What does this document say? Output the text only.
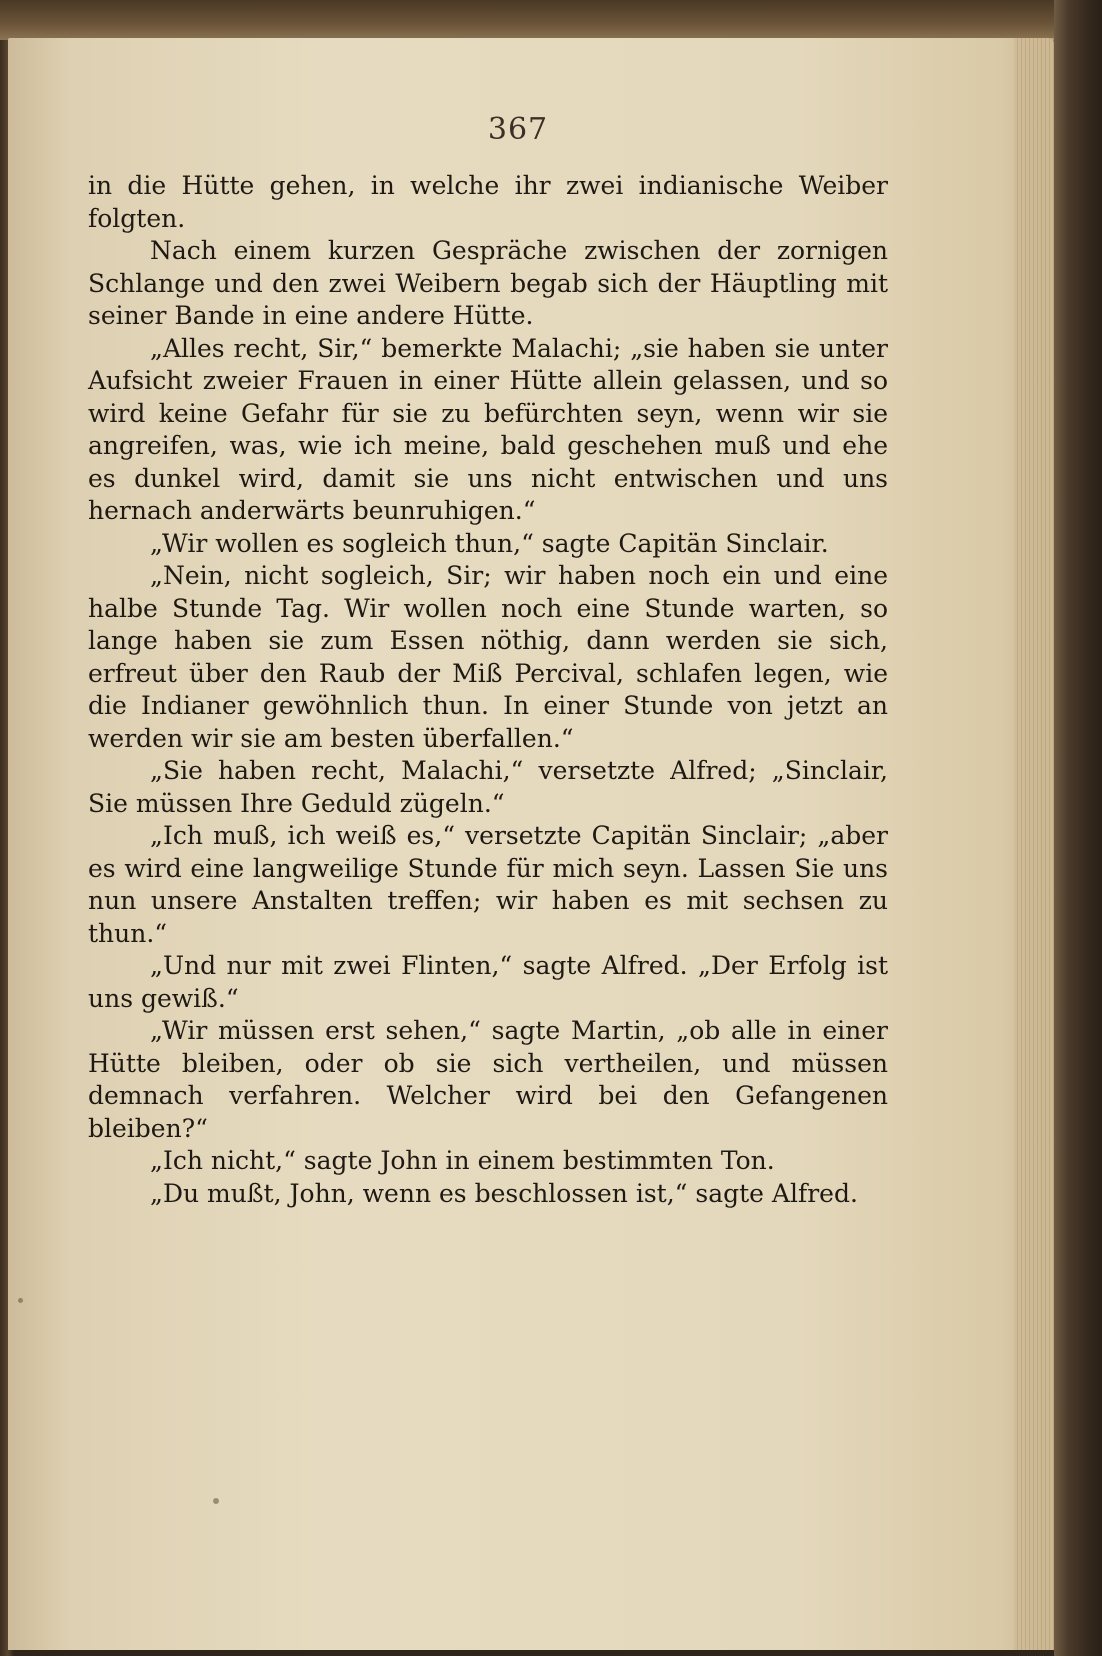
367

in die Hütte gehen, in welche ihr zwei indianische Weiber folgten.

Nach einem kurzen Gespräche zwischen der zornigen Schlange und den zwei Weibern begab sich der Häuptling mit seiner Bande in eine andere Hütte.

„Alles recht, Sir,“ bemerkte Malachi; „sie haben sie unter Aufsicht zweier Frauen in einer Hütte allein gelassen, und so wird keine Gefahr für sie zu befürchten seyn, wenn wir sie angreifen, was, wie ich meine, bald geschehen muß und ehe es dunkel wird, damit sie uns nicht entwischen und uns hernach anderwärts beunruhigen.“

„Wir wollen es sogleich thun,“ sagte Capitän Sinclair.

„Nein, nicht sogleich, Sir; wir haben noch ein und eine halbe Stunde Tag. Wir wollen noch eine Stunde warten, so lange haben sie zum Essen nöthig, dann werden sie sich, erfreut über den Raub der Miß Percival, schlafen legen, wie die Indianer gewöhnlich thun. In einer Stunde von jetzt an werden wir sie am besten überfallen.“

„Sie haben recht, Malachi,“ versetzte Alfred; „Sinclair, Sie müssen Ihre Geduld zügeln.“

„Ich muß, ich weiß es,“ versetzte Capitän Sinclair; „aber es wird eine langweilige Stunde für mich seyn. Lassen Sie uns nun unsere Anstalten treffen; wir haben es mit sechsen zu thun.“

„Und nur mit zwei Flinten,“ sagte Alfred. „Der Erfolg ist uns gewiß.“

„Wir müssen erst sehen,“ sagte Martin, „ob alle in einer Hütte bleiben, oder ob sie sich vertheilen, und müssen demnach verfahren. Welcher wird bei den Gefangenen bleiben?“

„Ich nicht,“ sagte John in einem bestimmten Ton.

„Du mußt, John, wenn es beschlossen ist,“ sagte Alfred.
